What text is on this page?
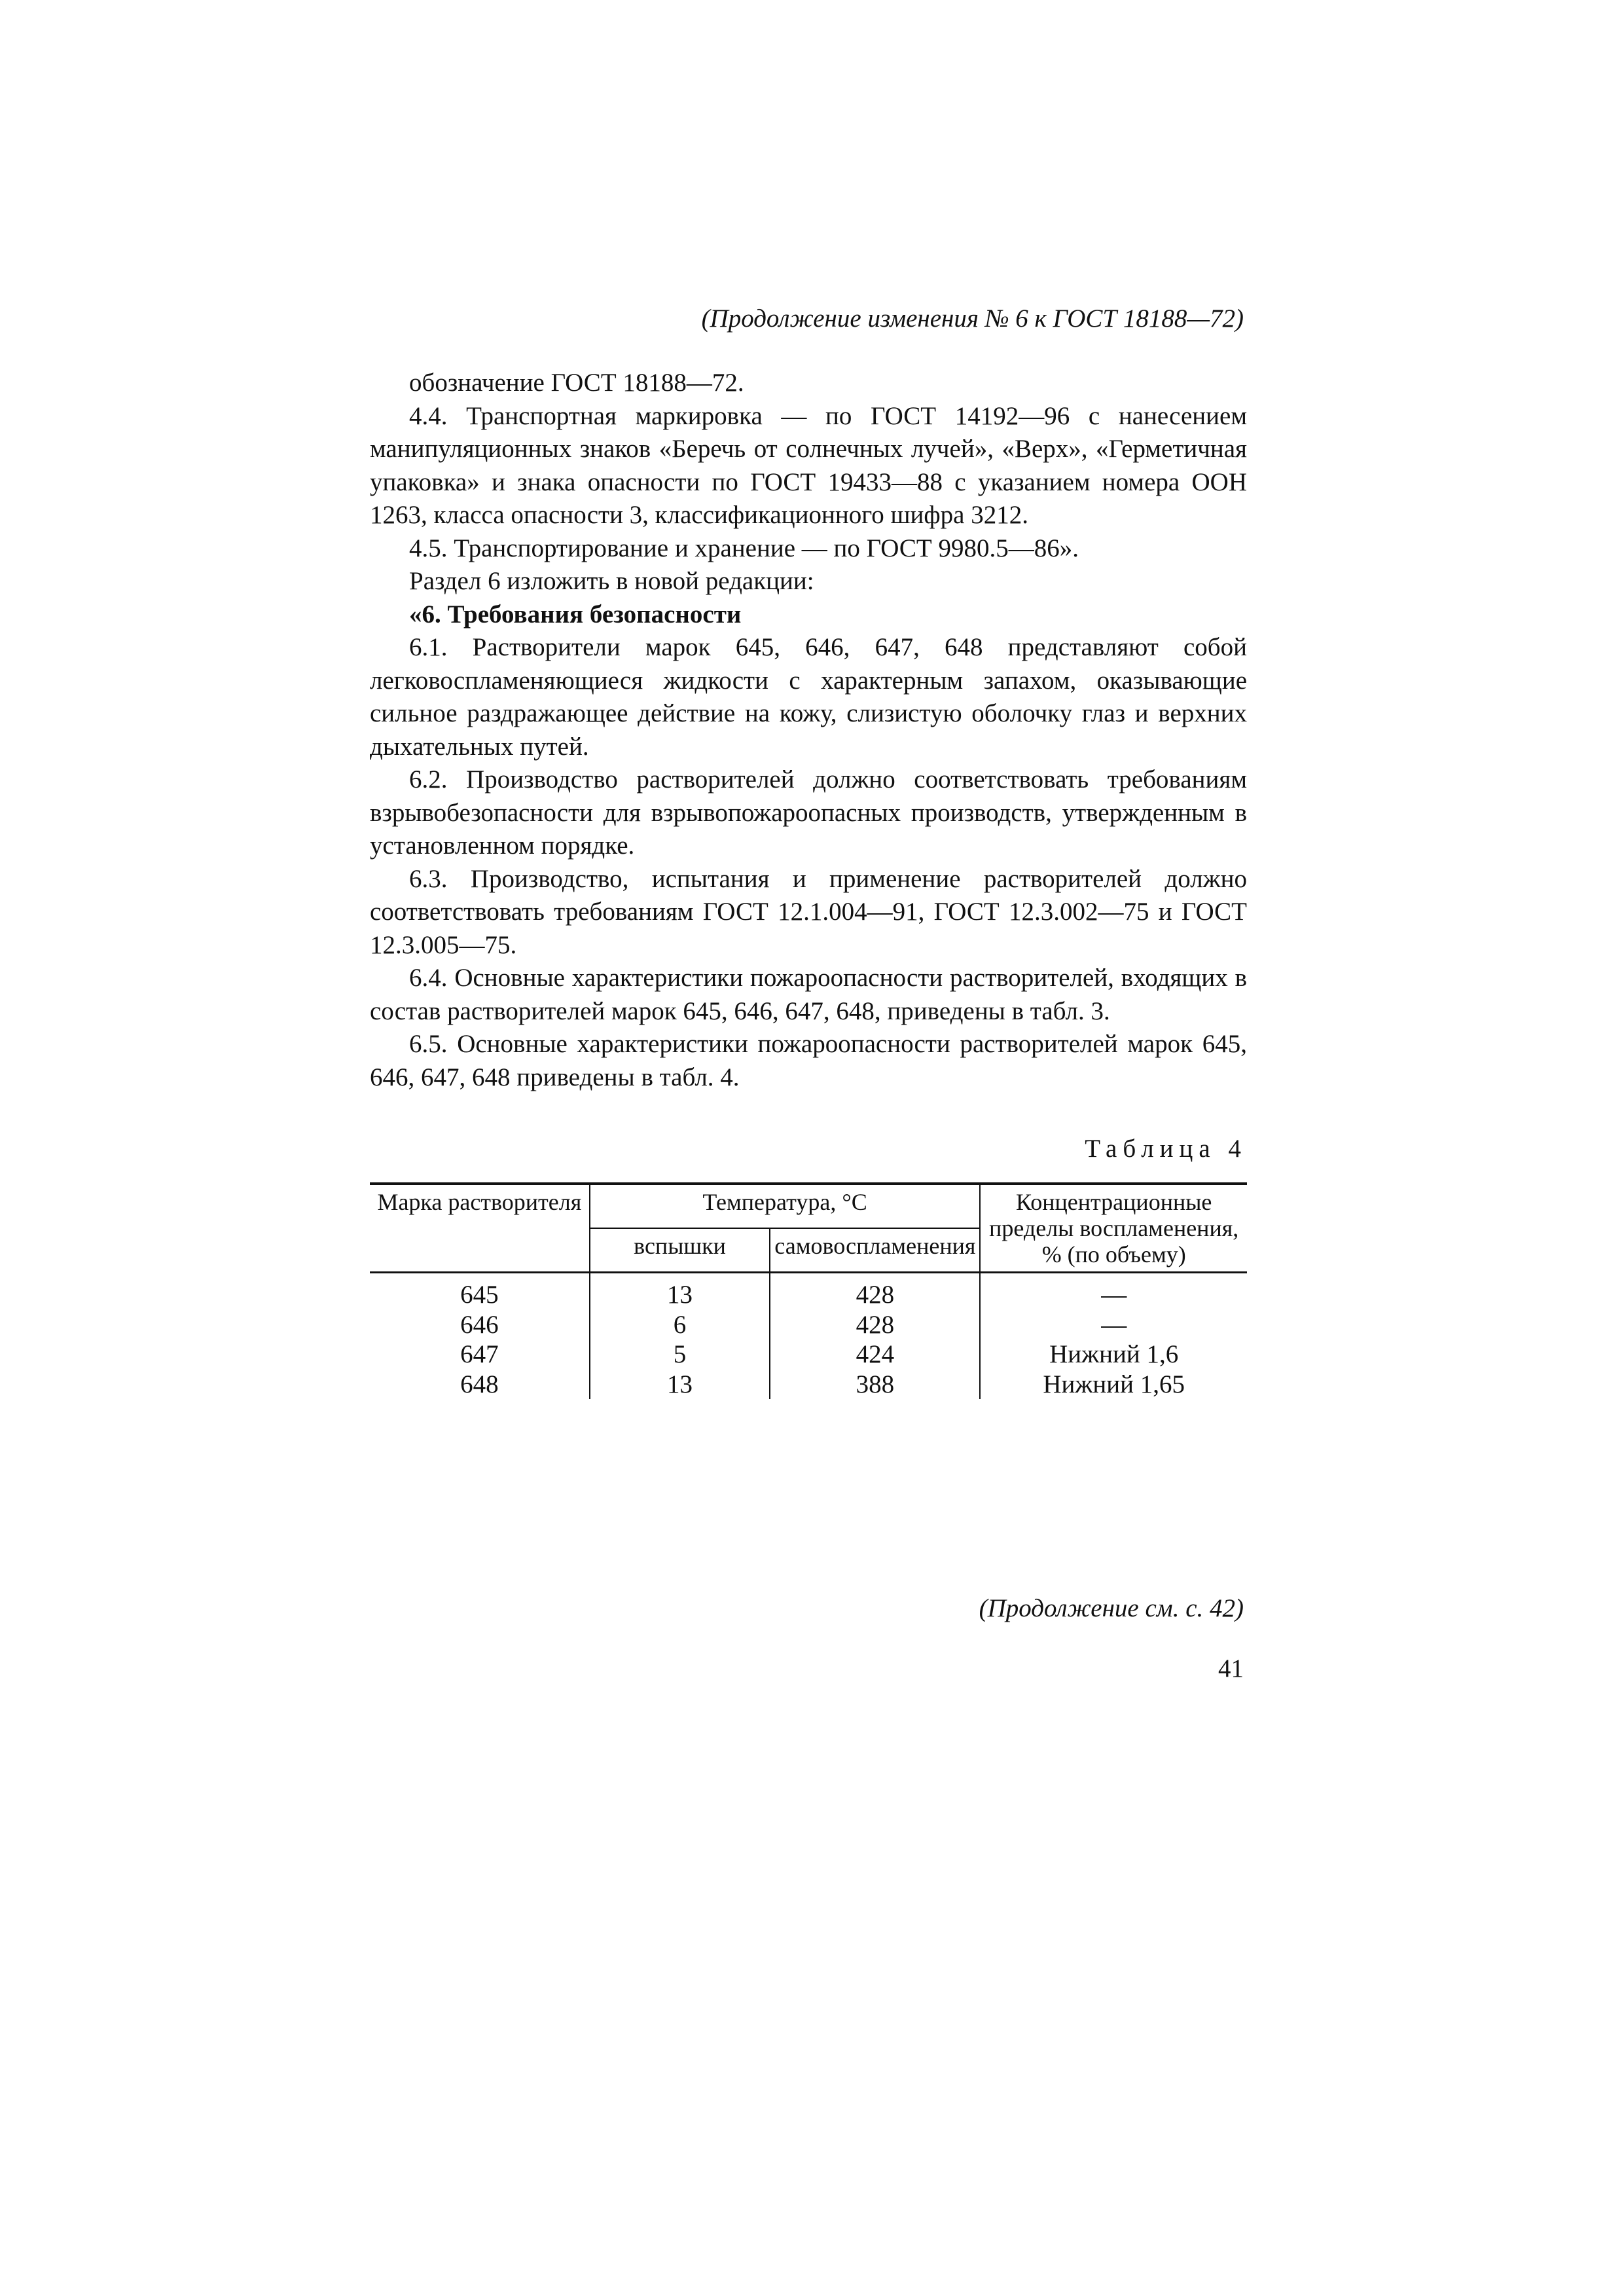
(Продолжение изменения № 6 к ГОСТ 18188—72)

обозначение ГОСТ 18188—72.

4.4. Транспортная маркировка — по ГОСТ 14192—96 с нанесением манипуляционных знаков «Беречь от солнечных лучей», «Верх», «Герметичная упаковка» и знака опасности по ГОСТ 19433—88 с указанием номера ООН 1263, класса опасности 3, классификационного шифра 3212.

4.5. Транспортирование и хранение — по ГОСТ 9980.5—86».

Раздел 6 изложить в новой редакции:

«6. Требования безопасности

6.1. Растворители марок 645, 646, 647, 648 представляют собой легковоспламеняющиеся жидкости с характерным запахом, оказывающие сильное раздражающее действие на кожу, слизистую оболочку глаз и верхних дыхательных путей.

6.2. Производство растворителей должно соответствовать требованиям взрывобезопасности для взрывопожароопасных производств, утвержденным в установленном порядке.

6.3. Производство, испытания и применение растворителей должно соответствовать требованиям ГОСТ 12.1.004—91, ГОСТ 12.3.002—75 и ГОСТ 12.3.005—75.

6.4. Основные характеристики пожароопасности растворителей, входящих в состав растворителей марок 645, 646, 647, 648, приведены в табл. 3.

6.5. Основные характеристики пожароопасности растворителей марок 645, 646, 647, 648 приведены в табл. 4.

Таблица 4
Марка растворителя	Температура, °С		Концентрационные пределы воспламенения, % (по объему)
	вспышки	самовоспламенения	
645	13	428	—
646	6	428	—
647	5	424	Нижний 1,6
648	13	388	Нижний 1,65
(Продолжение см. с. 42)
41
